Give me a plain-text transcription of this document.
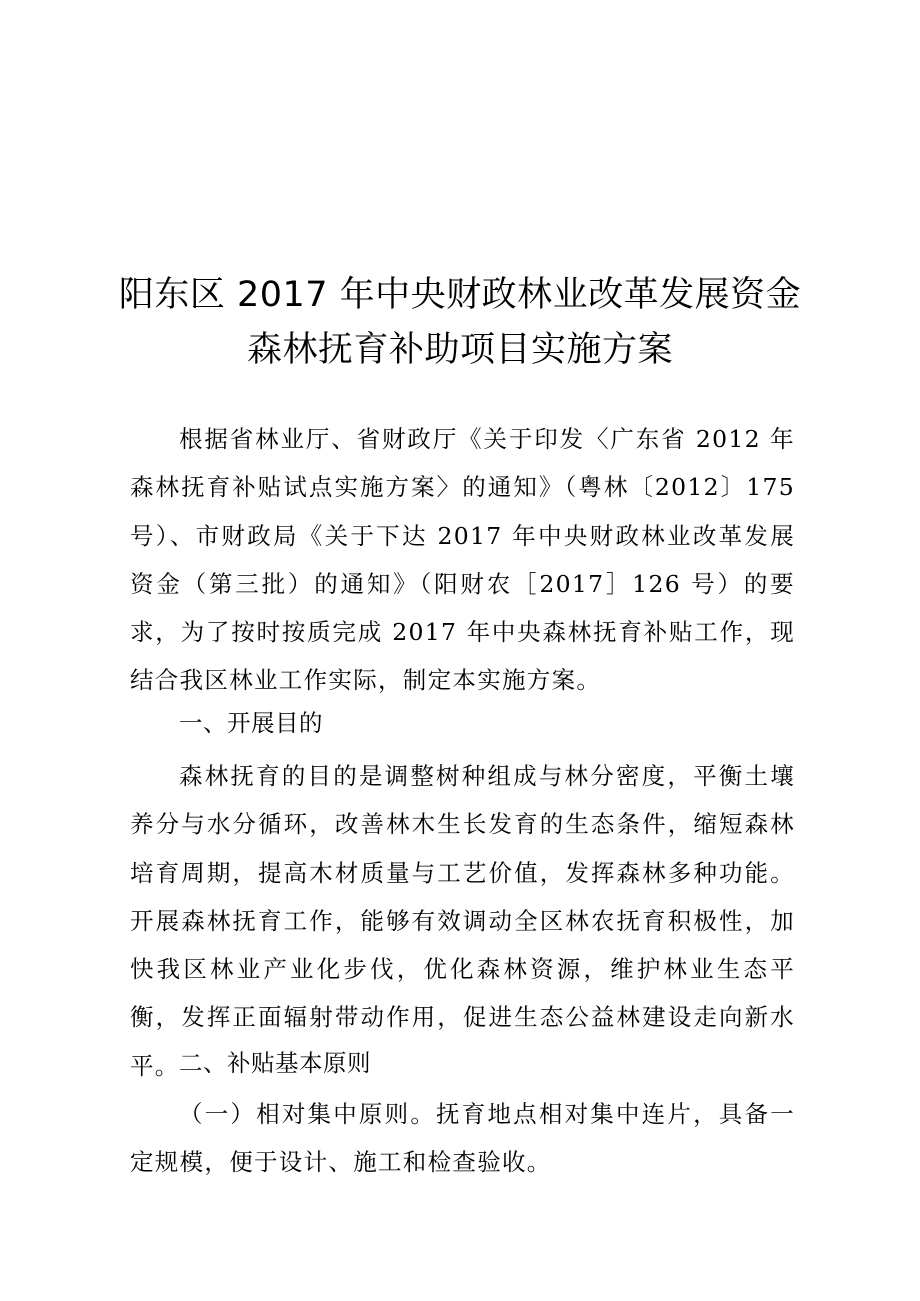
阳东区 2017 年中央财政林业改革发展资金
森林抚育补助项目实施方案

根据省林业厅、省财政厅《关于印发〈广东省 2012 年森林抚育补贴试点实施方案〉的通知》（粤林〔2012〕175 号）、市财政局《关于下达 2017 年中央财政林业改革发展资金（第三批）的通知》（阳财农［2017］126 号）的要求，为了按时按质完成 2017 年中央森林抚育补贴工作，现结合我区林业工作实际，制定本实施方案。

一、开展目的

森林抚育的目的是调整树种组成与林分密度，平衡土壤养分与水分循环，改善林木生长发育的生态条件，缩短森林培育周期，提高木材质量与工艺价值，发挥森林多种功能。开展森林抚育工作，能够有效调动全区林农抚育积极性，加快我区林业产业化步伐，优化森林资源，维护林业生态平衡，发挥正面辐射带动作用，促进生态公益林建设走向新水平。 二、补贴基本原则

（一）相对集中原则。抚育地点相对集中连片，具备一定规模，便于设计、施工和检查验收。
